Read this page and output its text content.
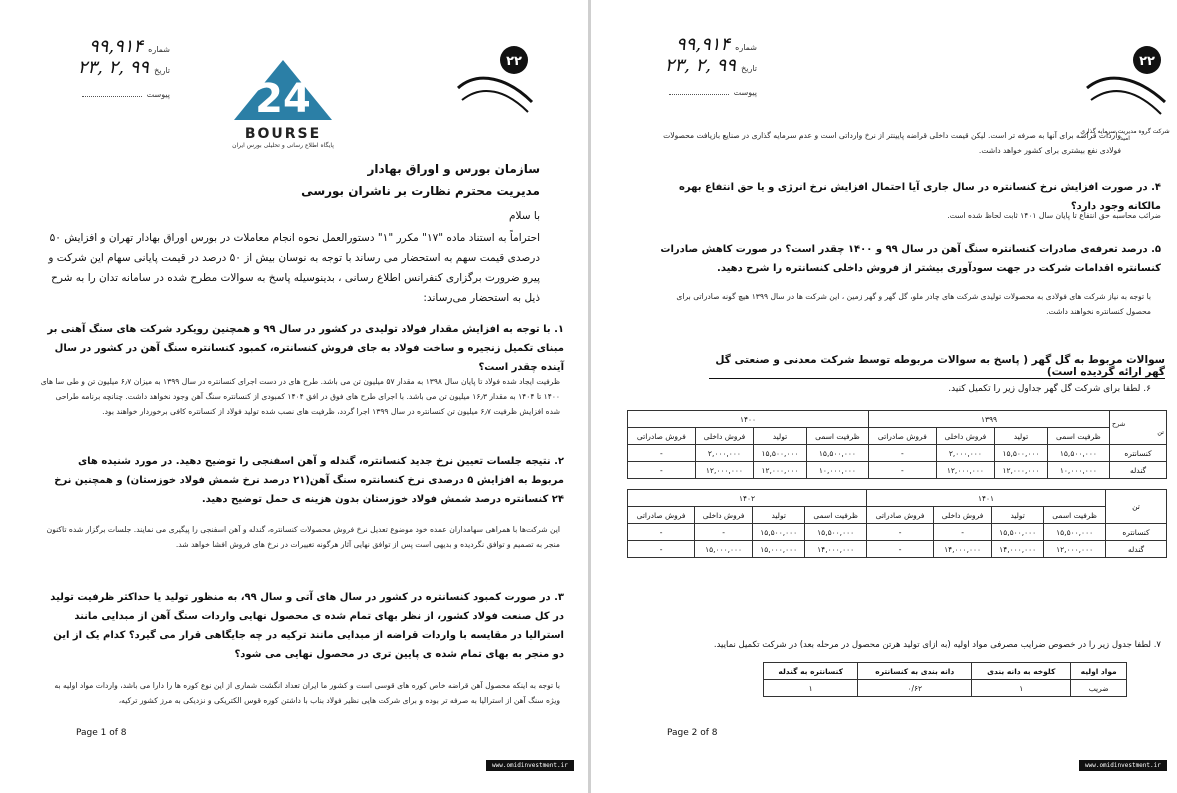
شماره ۹۹,۹۱۴
تاریخ ۹۹ ,۲ ,۲۳
پیوست 24
BOURSE
پایگاه اطلاع رسانی و تحلیلی بورس ایران
۲۲
سازمان بورس و اوراق بهادار
مدیریت محترم نظارت بر ناشران بورسی
با سلام
احتراماً به استناد ماده "۱۷" مکرر "۱" دستورالعمل نحوه انجام معاملات در بورس اوراق بهادار تهران و افزایش ۵۰ درصدی قیمت سهم به استحضار می رساند با توجه به نوسان بیش از ۵۰ درصد در قیمت پایانی سهام این شرکت و پیرو ضرورت برگزاری کنفرانس اطلاع رسانی ، بدینوسیله پاسخ به سوالات مطرح شده در سامانه تدان را به شرح ذیل به استحضار می‌رساند:
۱. با توجه به افزایش مقدار فولاد تولیدی در کشور در سال ۹۹ و همچنین رویکرد شرکت های سنگ آهنی بر مبنای تکمیل زنجیره و ساخت فولاد به جای فروش کنسانتره، کمبود کنسانتره سنگ آهن در کشور در سال آینده چقدر است؟
ظرفیت ایجاد شده فولاد تا پایان سال ۱۳۹۸ به مقدار ۵۷ میلیون تن می باشد. طرح های در دست اجرای کنسانتره در سال ۱۳۹۹ به میزان ۶٫۷ میلیون تن و طی سا های ۱۴۰۰ تا ۱۴۰۴ به مقدار ۱۶٫۳ میلیون تن می باشد. با اجرای طرح های فوق در افق ۱۴۰۴ کمبودی از کنسانتره سنگ آهن وجود نخواهد داشت. چنانچه برنامه طراحی شده افزایش ظرفیت ۶٫۷ میلیون تن کنسانتره در سال ۱۳۹۹ اجرا گردد، ظرفیت های نصب شده تولید فولاد از کنسانتره کافی برخوردار خواهند بود.
۲. نتیجه جلسات تعیین نرخ جدید کنسانتره، گندله و آهن اسفنجی را توضیح دهید. در مورد شنیده های مربوط به افزایش ۵ درصدی نرخ کنسانتره سنگ آهن(۲۱ درصد نرخ شمش فولاد خوزستان) و همچنین نرخ ۲۴ کنسانتره درصد شمش فولاد خوزستان بدون هزینه ی حمل توضیح دهید.
این شرکت‌ها با همراهی سهامداران عمده خود موضوع تعدیل نرخ فروش محصولات کنسانتره، گندله و آهن اسفنجی را پیگیری می نمایند. جلسات برگزار شده تاکنون منجر به تصمیم و توافق نگردیده و بدیهی است پس از توافق نهایی آثار هرگونه تغییرات در نرخ های فروش افشا خواهد شد.
۳. در صورت کمبود کنسانتره در کشور در سال های آتی و سال ۹۹، به منظور تولید یا حداکثر ظرفیت تولید در کل صنعت فولاد کشور، از نظر بهای تمام شده ی محصول نهایی واردات سنگ آهن از مبدایی مانند استرالیا در مقایسه با واردات قراضه از مبدایی مانند ترکیه در چه جایگاهی قرار می گیرد؟ کدام یک از این دو منجر به بهای تمام شده ی پایین تری در محصول نهایی می شود؟
با توجه به اینکه محصول آهن قراضه خاص کوره های قوسی است و کشور ما ایران تعداد انگشت شماری از این نوع کوره ها را دارا می باشد، واردات مواد اولیه به ویژه سنگ آهن از استرالیا به صرفه تر بوده و برای شرکت هایی نظیر فولاد بناب با داشتن کوره قوس الکتریکی و نزدیکی به مرز کشور ترکیه،
Page 1 of 8
www.omidinvestment.ir
شماره ۹۹,۹۱۴
تاریخ ۹۹ ,۲ ,۲۳
پیوست
۲۲
شرکت گروه مدیریت سرمایه گذاری امید
واردات قراضه برای آنها به صرفه تر است. لیکن قیمت داخلی قراضه پایینتر از نرخ وارداتی است و عدم سرمایه گذاری در صنایع بازیافت محصولات فولادی نفع بیشتری برای کشور خواهد داشت.
۴. در صورت افزایش نرخ کنسانتره در سال جاری آیا احتمال افزایش نرخ انرژی و یا حق انتفاع بهره مالکانه وجود دارد؟
ضرائب محاسبه حق انتفاع تا پایان سال ۱۴۰۱ ثابت لحاظ شده است.
۵. درصد تعرفه‌ی صادرات کنسانتره سنگ آهن در سال ۹۹ و ۱۴۰۰ چقدر است؟ در صورت کاهش صادرات کنسانتره اقدامات شرکت در جهت سودآوری بیشتر از فروش داخلی کنسانتره را شرح دهید.
با توجه به نیاز شرکت های فولادی به محصولات تولیدی شرکت های چادر ملو، گل گهر و گهر زمین ، این شرکت ها در سال ۱۳۹۹ هیچ گونه صادراتی برای محصول کنسانتره نخواهند داشت.
سوالات مربوط به گل گهر ( پاسخ به سوالات مربوطه توسط شرکت معدنی و صنعتی گل گهر ارائه گردیده است)
۶. لطفا برای شرکت گل گهر جداول زیر را تکمیل کنید.
شرح
تن	۱۳۹۹				۱۴۰۰			
	ظرفیت اسمی	تولید	فروش داخلی	فروش صادراتی	ظرفیت اسمی	تولید	فروش داخلی	فروش صادراتی
کنسانتره	۱۵,۵۰۰,۰۰۰	۱۵,۵۰۰,۰۰۰	۲,۰۰۰,۰۰۰	-	۱۵,۵۰۰,۰۰۰	۱۵,۵۰۰,۰۰۰	۲,۰۰۰,۰۰۰	-
گندله	۱۰,۰۰۰,۰۰۰	۱۲,۰۰۰,۰۰۰	۱۲,۰۰۰,۰۰۰	-	۱۰,۰۰۰,۰۰۰	۱۲,۰۰۰,۰۰۰	۱۲,۰۰۰,۰۰۰	-
تن	۱۴۰۱				۱۴۰۲			
	ظرفیت اسمی	تولید	فروش داخلی	فروش صادراتی	ظرفیت اسمی	تولید	فروش داخلی	فروش صادراتی
کنسانتره	۱۵,۵۰۰,۰۰۰	۱۵,۵۰۰,۰۰۰	-	-	۱۵,۵۰۰,۰۰۰	۱۵,۵۰۰,۰۰۰	-	-
گندله	۱۲,۰۰۰,۰۰۰	۱۴,۰۰۰,۰۰۰	۱۴,۰۰۰,۰۰۰	-	۱۴,۰۰۰,۰۰۰	۱۵,۰۰۰,۰۰۰	۱۵,۰۰۰,۰۰۰	-
۷. لطفا جدول زیر را در خصوص ضرایب مصرفی مواد اولیه (به ازای تولید هرتن محصول در مرحله بعد) در شرکت تکمیل نمایید.
مواد اولیه	کلوخه به دانه بندی	دانه بندی به کنسانتره	کنسانتره به گندله
ضریب	۱	۰/۶۲	۱
Page 2 of 8
www.omidinvestment.ir
